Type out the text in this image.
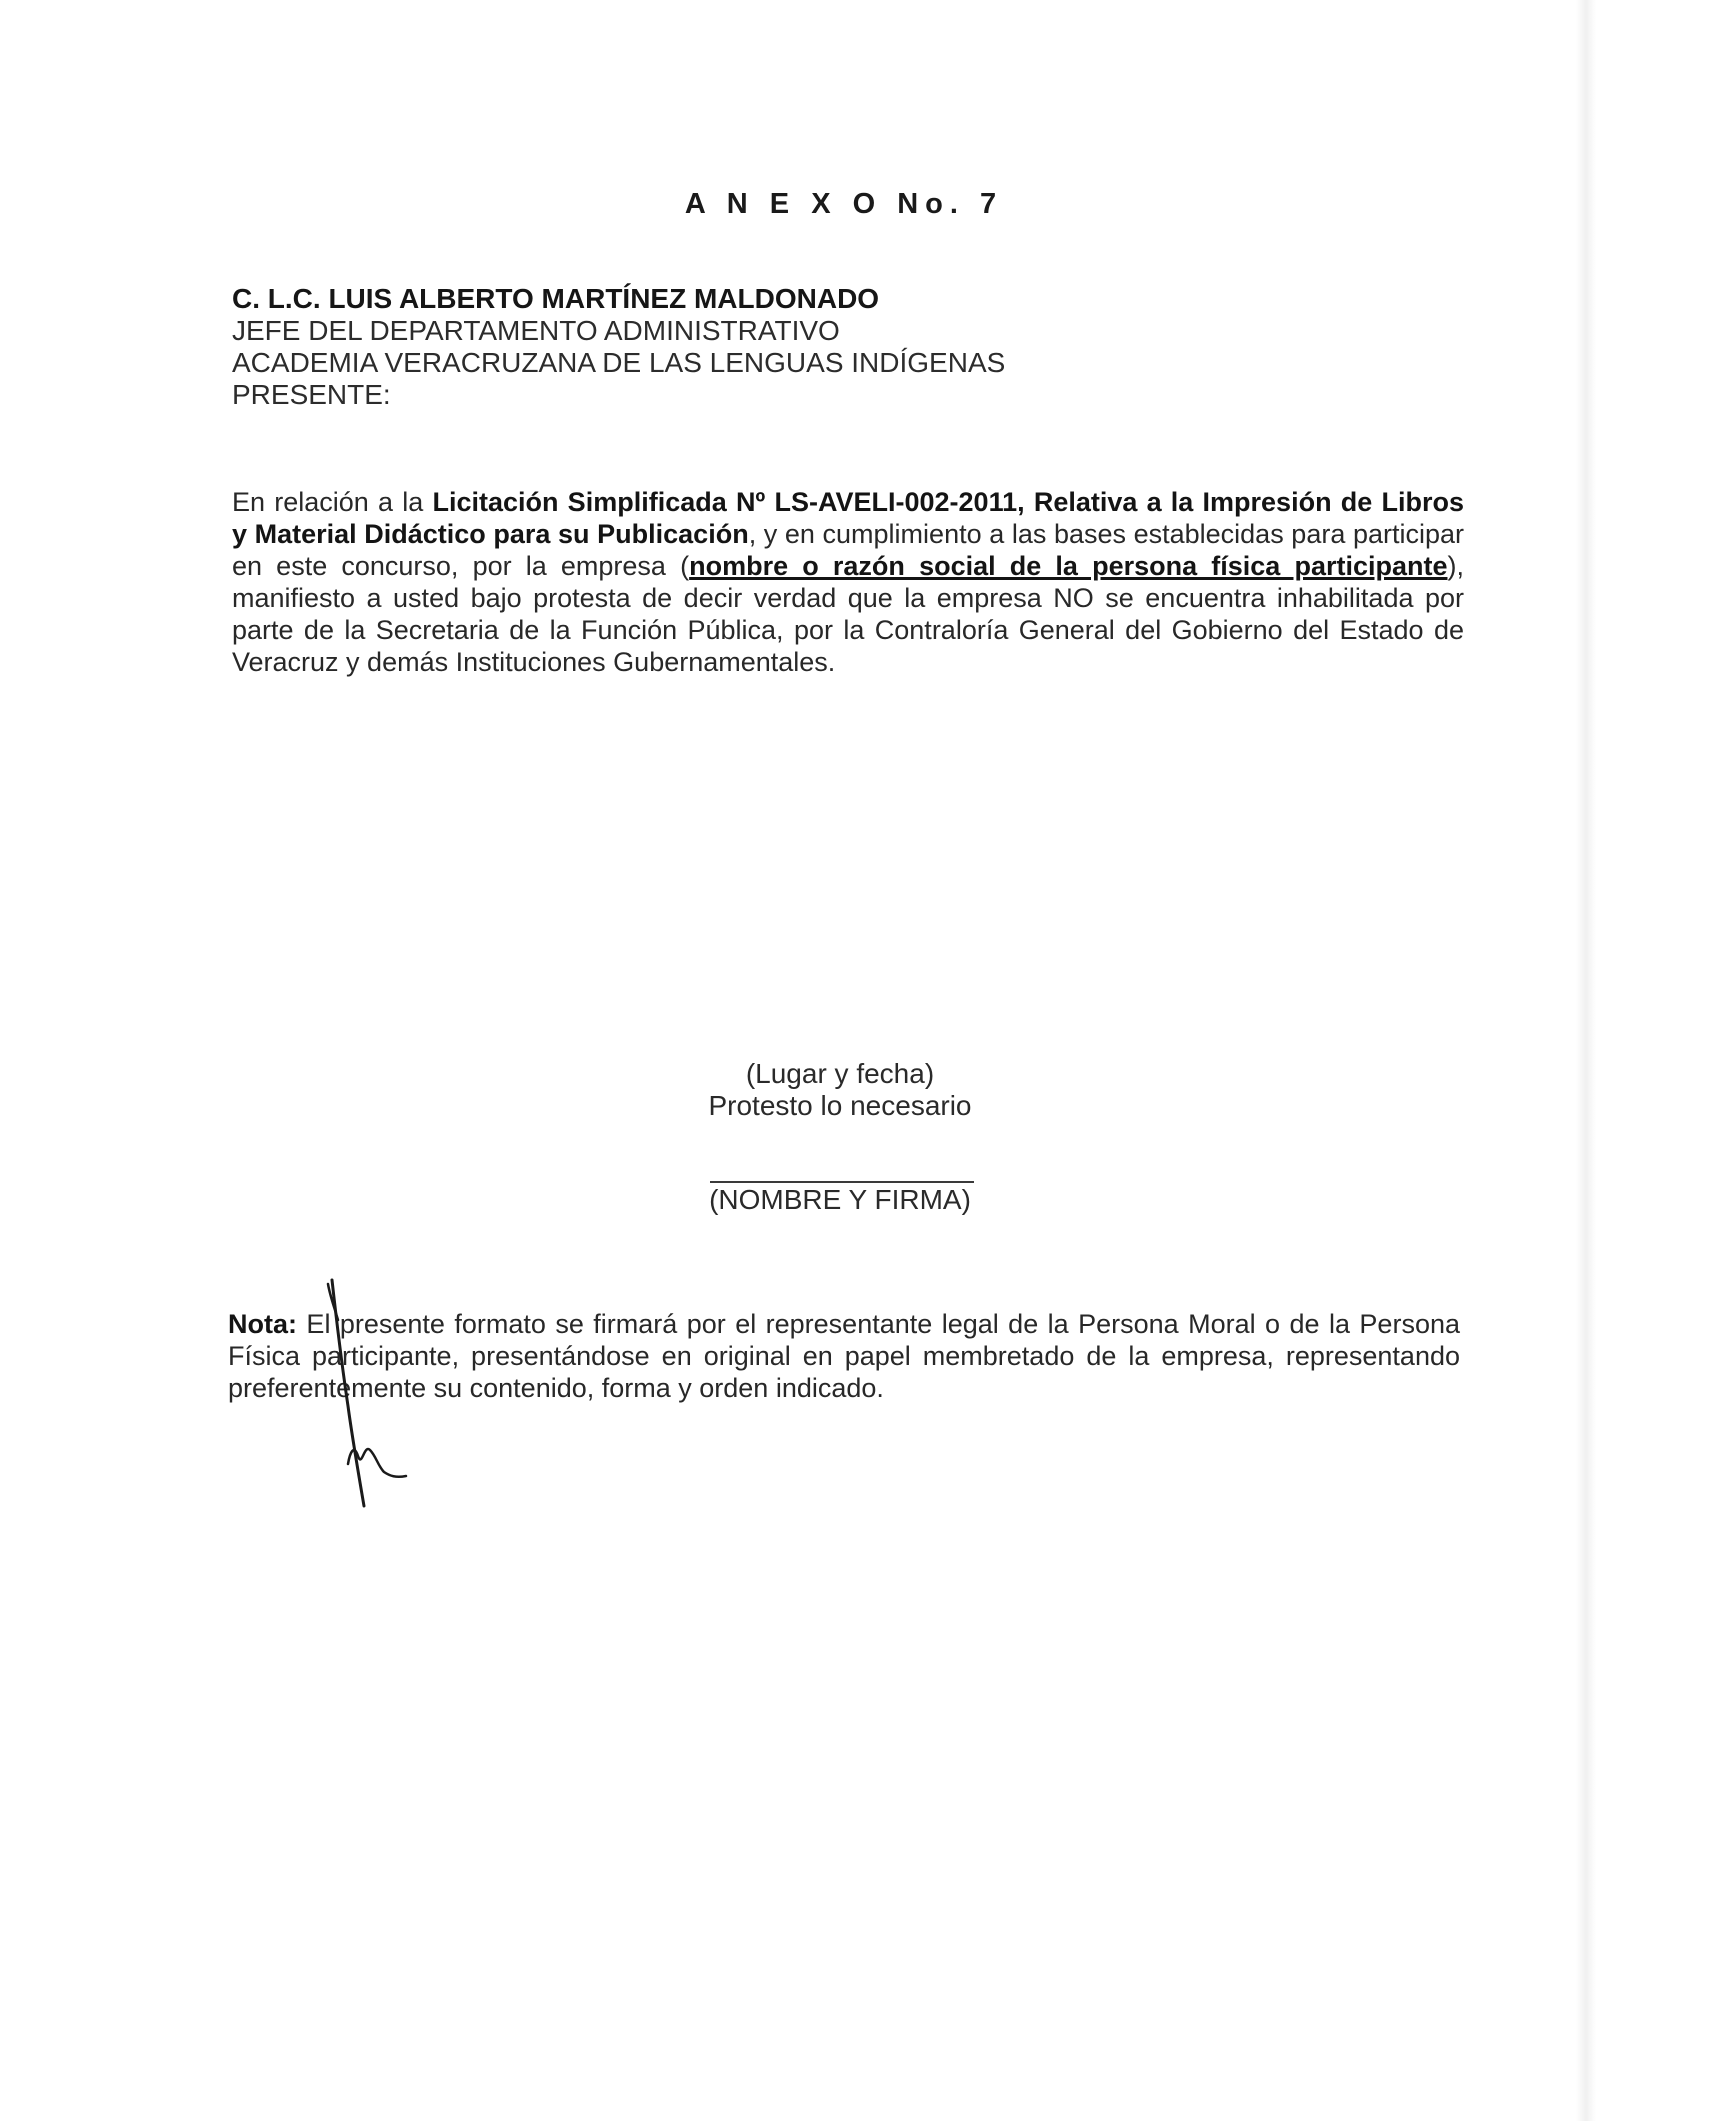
A N E X O No. 7
C. L.C. LUIS ALBERTO MARTÍNEZ MALDONADO
JEFE DEL DEPARTAMENTO ADMINISTRATIVO
ACADEMIA VERACRUZANA DE LAS LENGUAS INDÍGENAS
PRESENTE:
En relación a la Licitación Simplificada Nº LS-AVELI-002-2011, Relativa a la Impresión de Libros y Material Didáctico para su Publicación, y en cumplimiento a las bases establecidas para participar en este concurso, por la empresa (nombre o razón social de la persona física participante), manifiesto a usted bajo protesta de decir verdad que la empresa NO se encuentra inhabilitada por parte de la Secretaria de la Función Pública, por la Contraloría General del Gobierno del Estado de Veracruz y demás Instituciones Gubernamentales.
(Lugar y fecha)
Protesto lo necesario
(NOMBRE Y FIRMA)
Nota: El presente formato se firmará por el representante legal de la Persona Moral o de la Persona Física participante, presentándose en original en papel membretado de la empresa, representando preferentemente su contenido, forma y orden indicado.
